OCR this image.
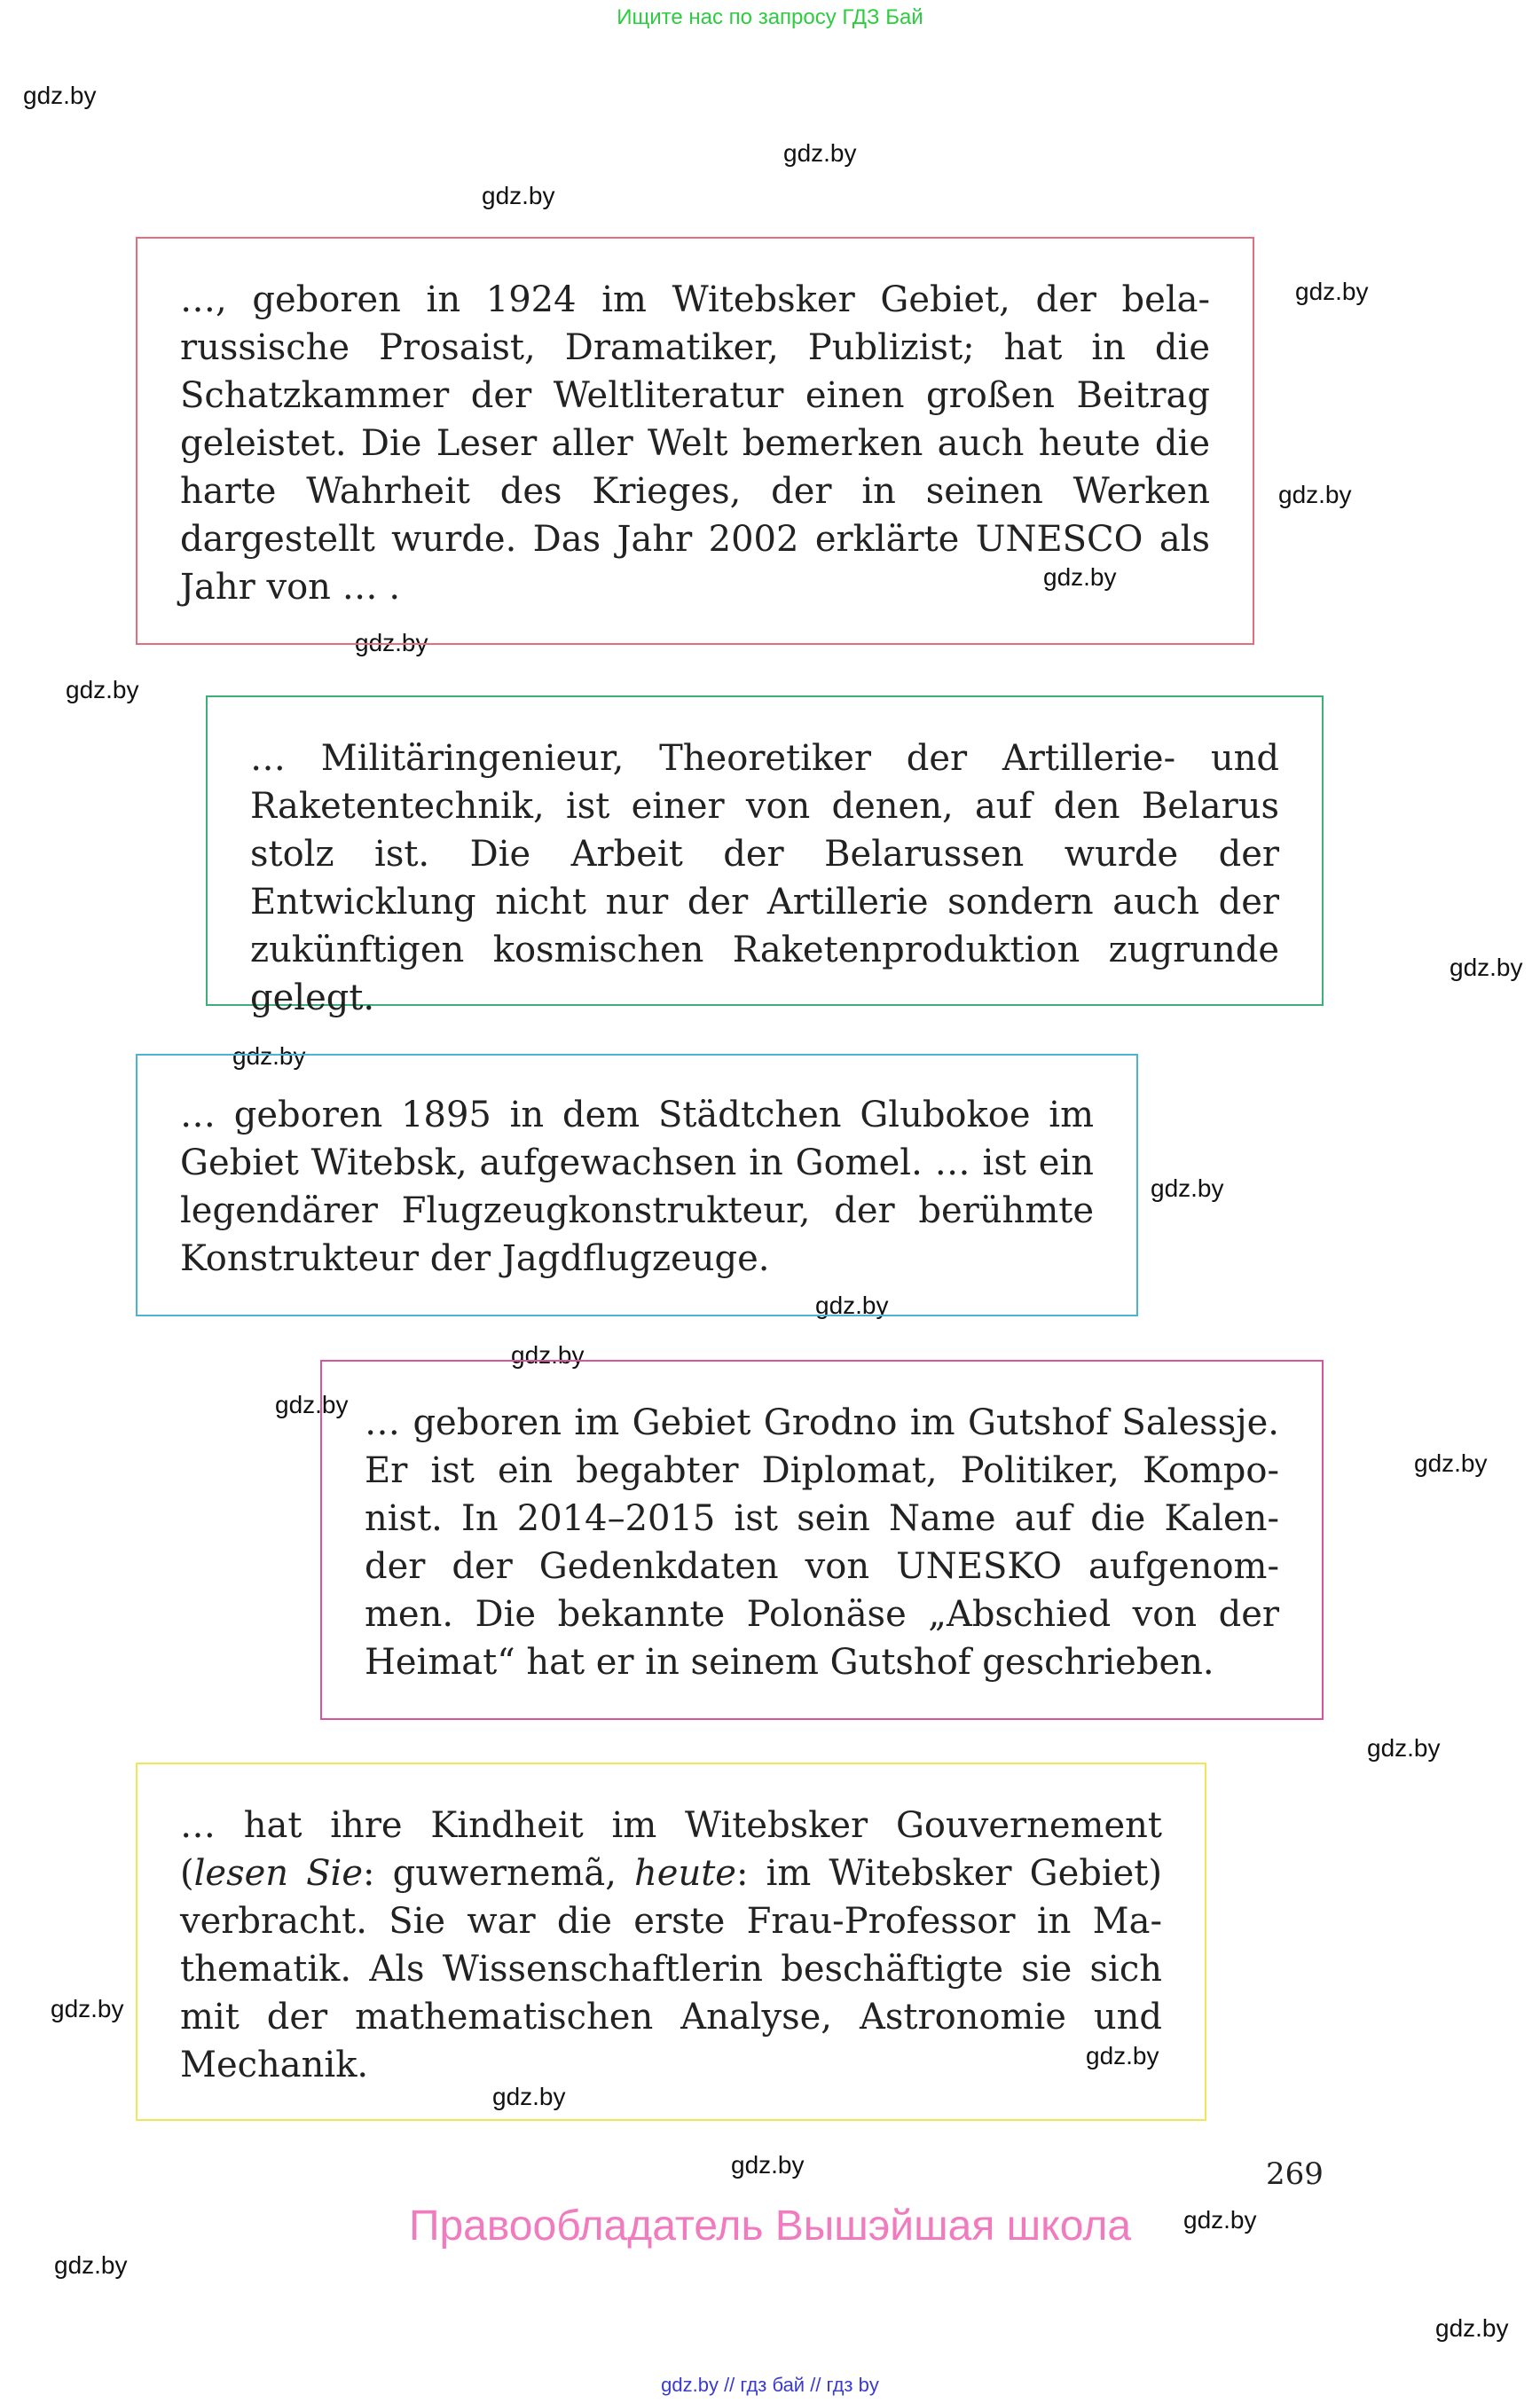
Ищите нас по запросу ГДЗ Бай
gdz.by
gdz.by
gdz.by
gdz.by
gdz.by
gdz.by
gdz.by
gdz.by
gdz.by
gdz.by
gdz.by
gdz.by
gdz.by
gdz.by
gdz.by
gdz.by
gdz.by
gdz.by
gdz.by
gdz.by
gdz.by
gdz.by
gdz.by

…, geboren in 1924 im Witebsker Gebiet, der bela-russische Prosaist, Dramatiker, Publizist; hat in die Schatzkammer der Weltliteratur einen großen Beitrag geleistet. Die Leser aller Welt bemerken auch heute die harte Wahrheit des Krieges, der in seinen Werken dargestellt wurde. Das Jahr 2002 erklärte UNESCO als Jahr von … .

… Militäringenieur, Theoretiker der Artillerie- und Raketentechnik, ist einer von denen, auf den Belarus stolz ist. Die Arbeit der Belarussen wurde der Entwicklung nicht nur der Artillerie sondern auch der zukünftigen kosmischen Raketenproduktion zugrunde gelegt.

… geboren 1895 in dem Städtchen Glubokoe im Gebiet Witebsk, aufgewachsen in Gomel. … ist ein legendärer Flugzeugkonstrukteur, der berühmte Konstrukteur der Jagdflugzeuge.

… geboren im Gebiet Grodno im Gutshof Salessje. Er ist ein begabter Diplomat, Politiker, Kompo-nist. In 2014–2015 ist sein Name auf die Kalen-der der Gedenkdaten von UNESKO aufgenom-men. Die bekannte Polonäse „Abschied von der Heimat“ hat er in seinem Gutshof geschrieben.

… hat ihre Kindheit im Witebsker Gouvernement (lesen Sie: guwernemã, heute: im Witebsker Gebiet) verbracht. Sie war die erste Frau-Professor in Ma-thematik. Als Wissenschaftlerin beschäftigte sie sich mit der mathematischen Analyse, Astronomie und Mechanik.

269
Правообладатель Вышэйшая школа
gdz.by // гдз бай // гдз by
